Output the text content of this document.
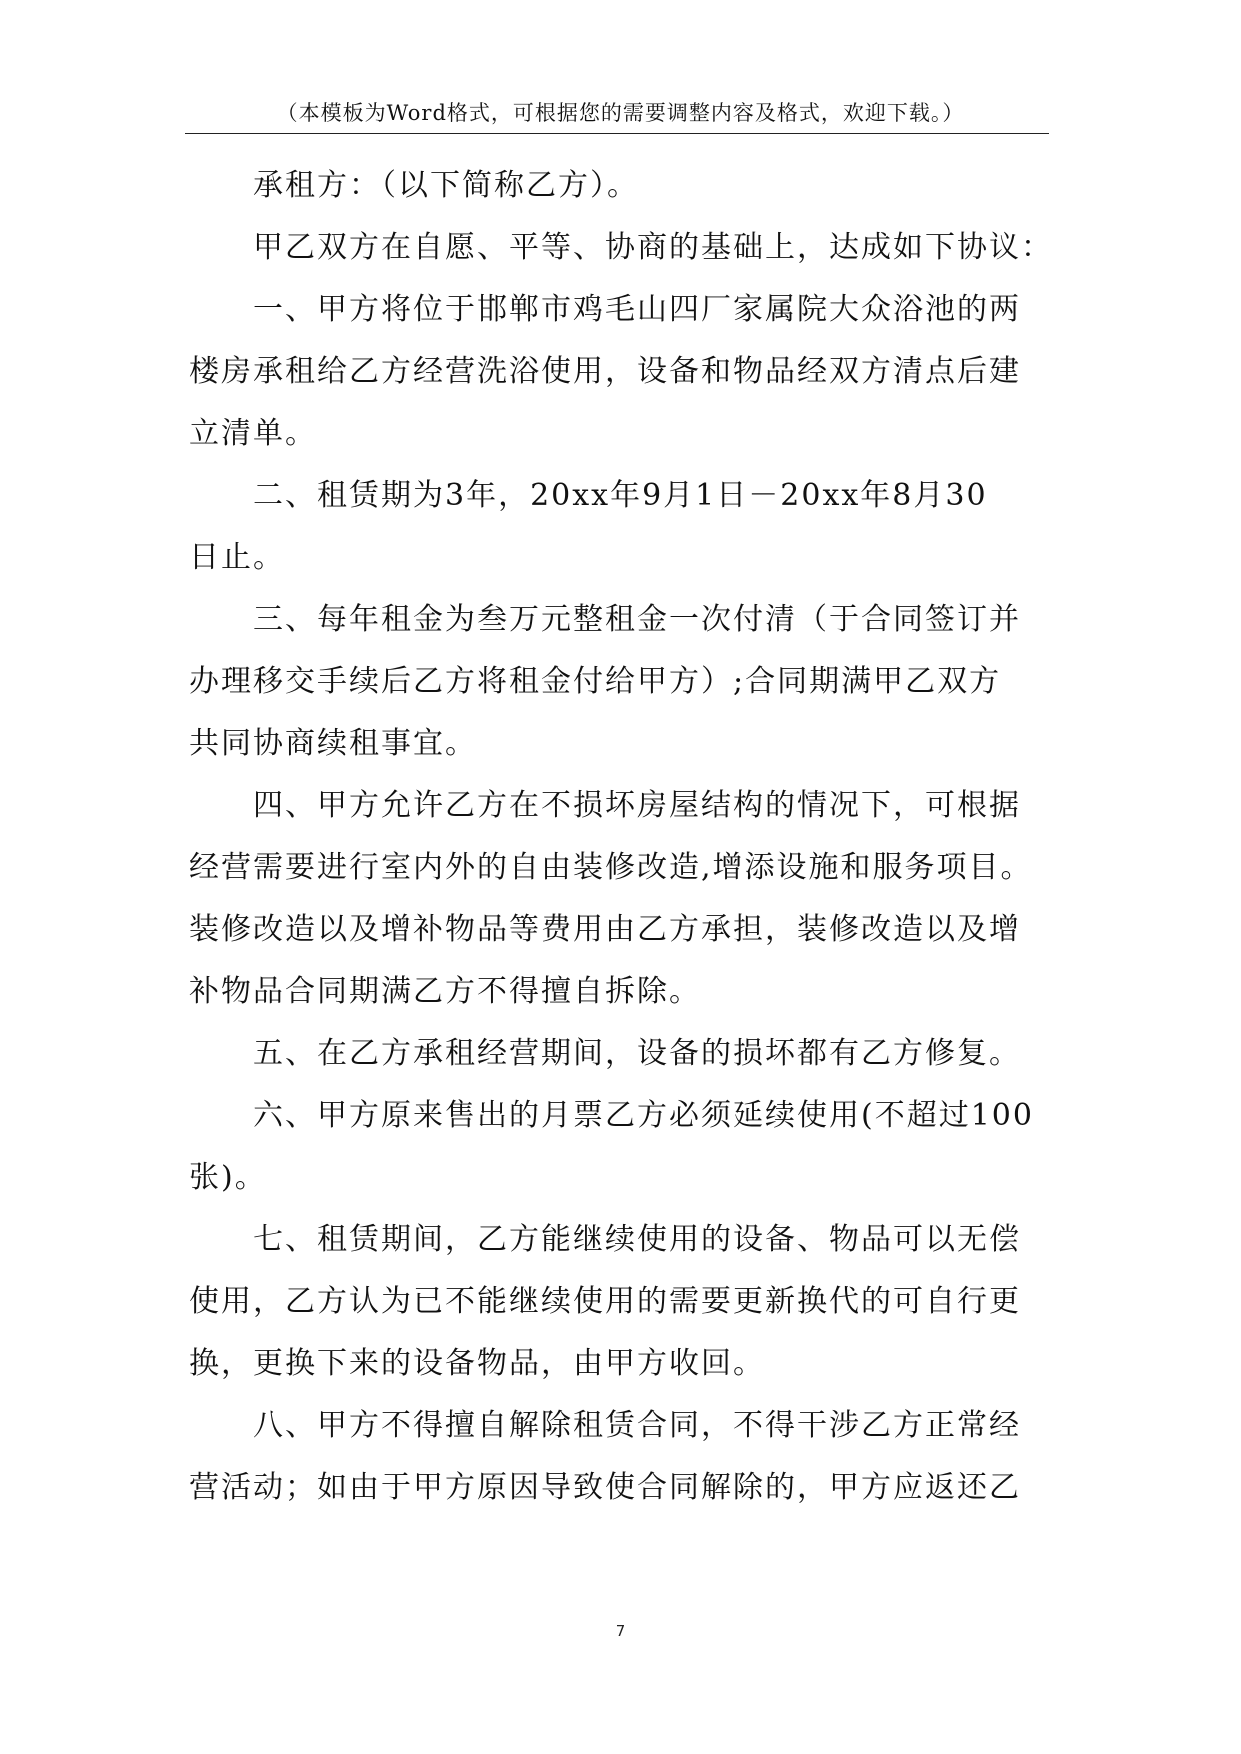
（本模板为Word格式，可根据您的需要调整内容及格式，欢迎下载。）
承租方：（以下简称乙方）。
甲乙双方在自愿、平等、协商的基础上，达成如下协议：
一、甲方将位于邯郸市鸡毛山四厂家属院大众浴池的两
楼房承租给乙方经营洗浴使用，设备和物品经双方清点后建
立清单。
二、租赁期为3年，20xx年9月1日－20xx年8月30
日止。
三、每年租金为叁万元整租金一次付清（于合同签订并
办理移交手续后乙方将租金付给甲方）;合同期满甲乙双方
共同协商续租事宜。
四、甲方允许乙方在不损坏房屋结构的情况下，可根据
经营需要进行室内外的自由装修改造,增添设施和服务项目。
装修改造以及增补物品等费用由乙方承担，装修改造以及增
补物品合同期满乙方不得擅自拆除。
五、在乙方承租经营期间，设备的损坏都有乙方修复。
六、甲方原来售出的月票乙方必须延续使用(不超过100
张)。
七、租赁期间，乙方能继续使用的设备、物品可以无偿
使用，乙方认为已不能继续使用的需要更新换代的可自行更
换，更换下来的设备物品，由甲方收回。
八、甲方不得擅自解除租赁合同，不得干涉乙方正常经
营活动；如由于甲方原因导致使合同解除的，甲方应返还乙
7
